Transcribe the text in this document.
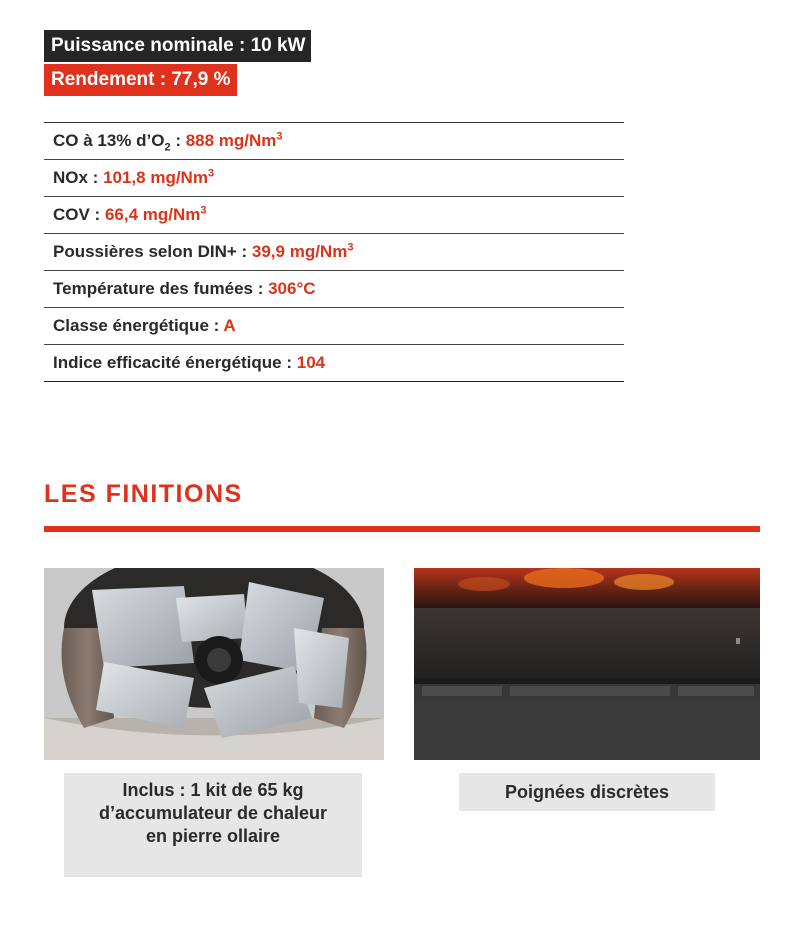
Puissance nominale : 10 kW
Rendement : 77,9 %
CO à 13% $d’O_2$ : 888 mg/Nm$^3$
NOx : 101,8 mg/Nm$^3$
COV : 66,4 mg/Nm$^3$
Poussières selon DIN+ : 39,9 mg/Nm$^3$
Température des fumées : 306°C
Classe énergétique : A
Indice efficacité énergétique : 104
LES FINITIONS
Inclus : 1 kit de 65 kg
d’accumulateur de chaleur
en pierre ollaire
Poignées discrètes
